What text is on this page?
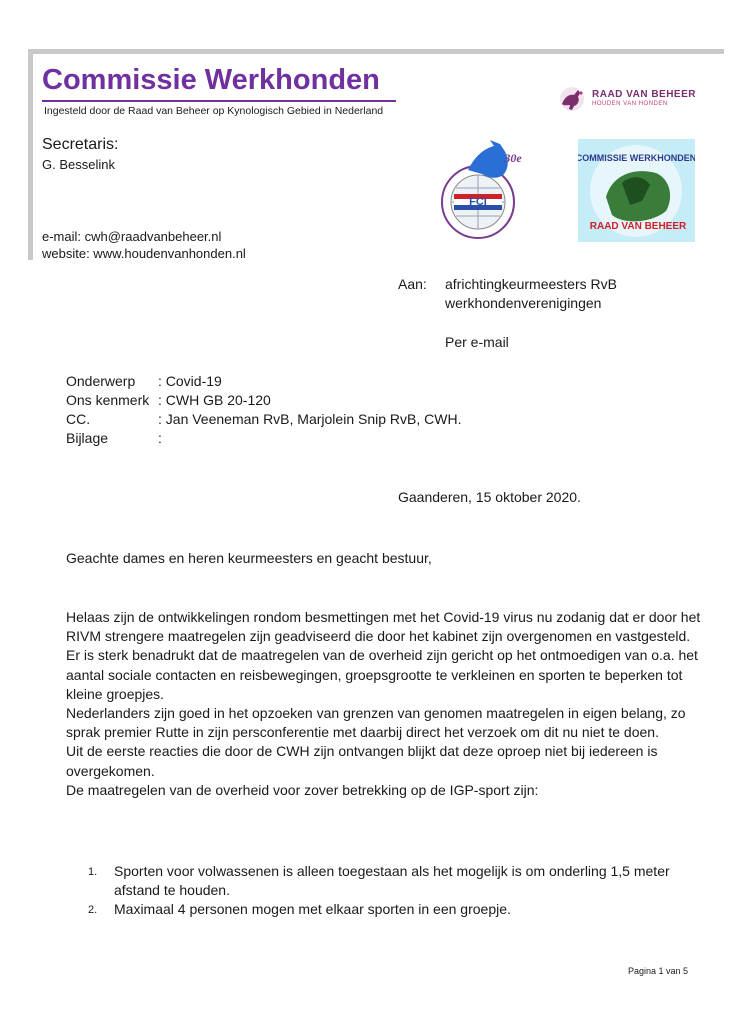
Commissie Werkhonden
Ingesteld door de Raad van Beheer op Kynologisch Gebied in Nederland
Secretaris:
G. Besselink
e-mail: cwh@raadvanbeheer.nl
website: www.houdenvanhonden.nl
RAAD VAN BEHEER
HOUDEN VAN HONDEN
FCI
30e	COMMISSIE WERKHONDEN
RAAD VAN BEHEER
Aan: africhtingkeurmeesters RvB
werkhondenverenigingen
Per e-mail
Onderwerp : Covid-19
Ons kenmerk : CWH GB 20-120
CC.	: Jan Veeneman RvB, Marjolein Snip RvB, CWH.
Bijlage	:
Gaanderen, 15 oktober 2020.
Geachte dames en heren keurmeesters en geacht bestuur,

Helaas zijn de ontwikkelingen rondom besmettingen met het Covid-19 virus nu zodanig dat er door het RIVM strengere maatregelen zijn geadviseerd die door het kabinet zijn overgenomen en vastgesteld.

Er is sterk benadrukt dat de maatregelen van de overheid zijn gericht op het ontmoedigen van o.a. het aantal sociale contacten en reisbewegingen, groepsgrootte te verkleinen en sporten te beperken tot kleine groepjes.

Nederlanders zijn goed in het opzoeken van grenzen van genomen maatregelen in eigen belang, zo sprak premier Rutte in zijn persconferentie met daarbij direct het verzoek om dit nu niet te doen.

Uit de eerste reacties die door de CWH zijn ontvangen blijkt dat deze oproep niet bij iedereen is overgekomen.

De maatregelen van de overheid voor zover betrekking op de IGP-sport zijn:

1. Sporten voor volwassenen is alleen toegestaan als het mogelijk is om onderling 1,5 meter afstand te houden.
2. Maximaal 4 personen mogen met elkaar sporten in een groepje.
Pagina 1 van 5
